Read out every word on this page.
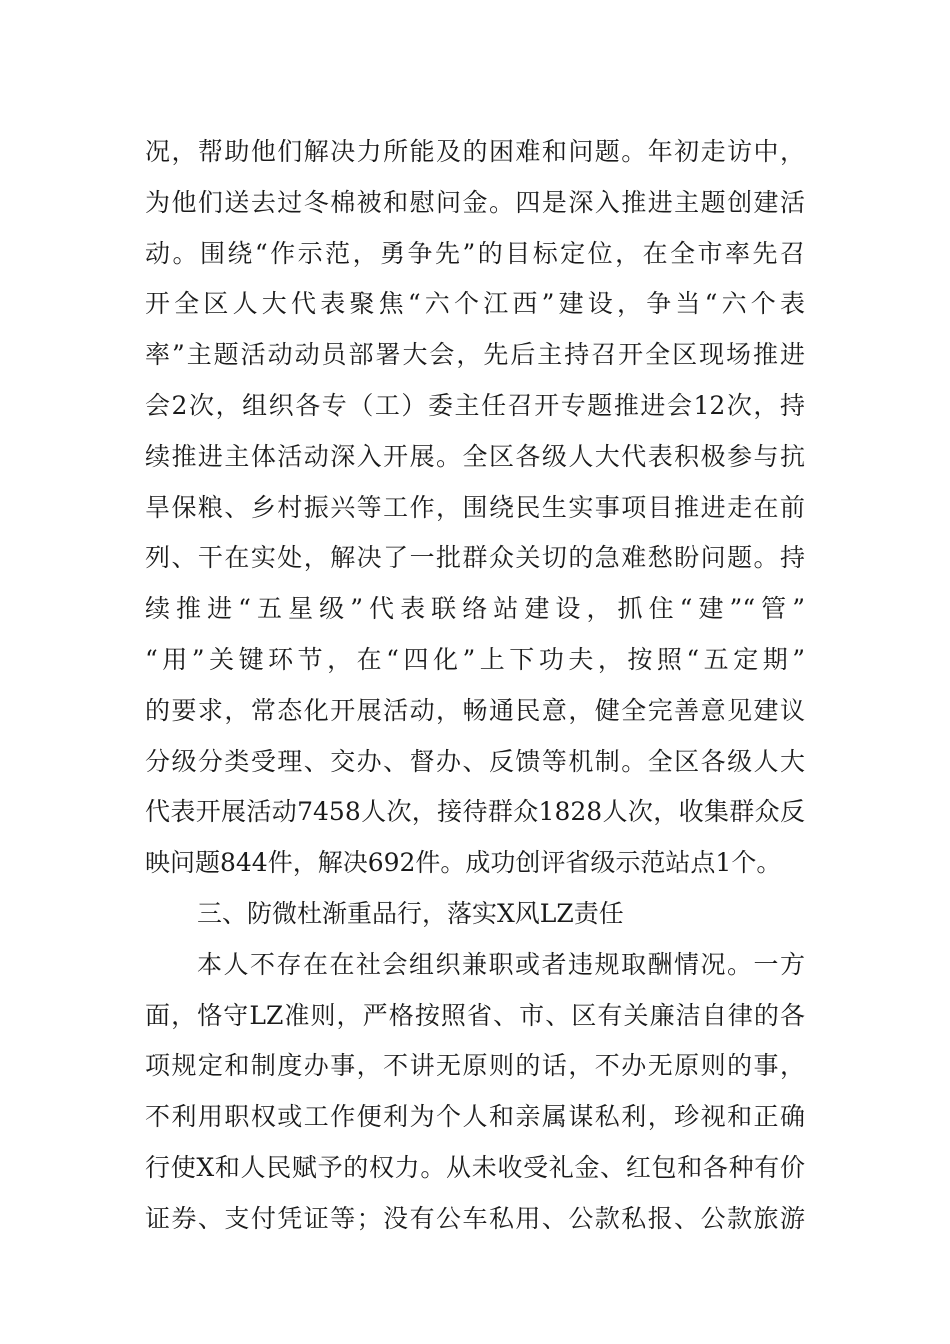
况，帮助他们解决力所能及的困难和问题。年初走访中，
为他们送去过冬棉被和慰问金。四是深入推进主题创建活
动。围绕“作示范，勇争先”的目标定位，在全市率先召
开全区人大代表聚焦“六个江西”建设，争当“六个表
率”主题活动动员部署大会，先后主持召开全区现场推进
会2次，组织各专（工）委主任召开专题推进会12次，持
续推进主体活动深入开展。全区各级人大代表积极参与抗
旱保粮、乡村振兴等工作，围绕民生实事项目推进走在前
列、干在实处，解决了一批群众关切的急难愁盼问题。持
续推进“五星级”代表联络站建设，抓住“建”“管”
“用”关键环节，在“四化”上下功夫，按照“五定期”
的要求，常态化开展活动，畅通民意，健全完善意见建议
分级分类受理、交办、督办、反馈等机制。全区各级人大
代表开展活动7458人次，接待群众1828人次，收集群众反
映问题844件，解决692件。成功创评省级示范站点1个。
三、防微杜渐重品行，落实X风LZ责任
本人不存在在社会组织兼职或者违规取酬情况。一方
面，恪守LZ准则，严格按照省、市、区有关廉洁自律的各
项规定和制度办事，不讲无原则的话，不办无原则的事，
不利用职权或工作便利为个人和亲属谋私利，珍视和正确
行使X和人民赋予的权力。从未收受礼金、红包和各种有价
证券、支付凭证等；没有公车私用、公款私报、公款旅游
